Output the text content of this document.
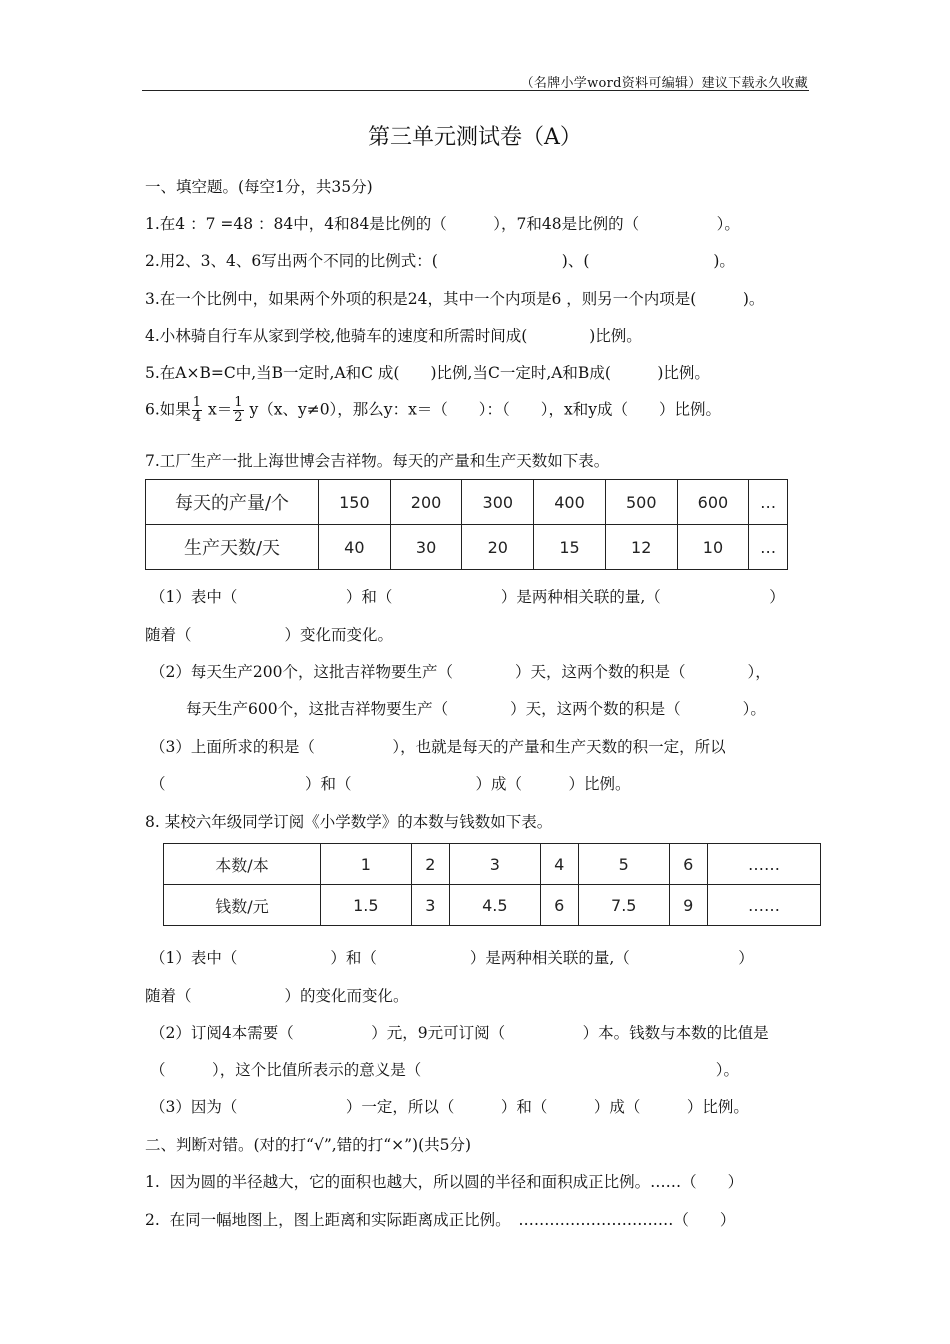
（名牌小学word资料可编辑）建议下载永久收藏
第三单元测试卷（A）
一、填空题。(每空1分，共35分)
1.在4 ：7 =48 ：84中，4和84是比例的（　　　），7和48是比例的（　　　　　）。
2.用2、3、4、6写出两个不同的比例式：(　　　　　　　　)、(　　　　　　　　)。
3.在一个比例中，如果两个外项的积是24，其中一个内项是6 ，则另一个内项是(　　　)。
4.小林骑自行车从家到学校,他骑车的速度和所需时间成(　　　　)比例。
5.在A×B=C中,当B一定时,A和C 成(　　)比例,当C一定时,A和B成(　　　)比例。
6.如果 $\frac{1}{4} x= \frac{1}{2} y(x$、y≠0），那么y：x＝（　　）：（　　），x和y成（　　）比例。
7.工厂生产一批上海世博会吉祥物。每天的产量和生产天数如下表。
每天的产量/个	150	200	300	400	500	600	…
生产天数/天	40	30	20	15	12	10	…
（1）表中（　　　　　　　）和（　　　　　　　）是两种相关联的量,（　　　　　　　）
随着（　　　　　　）变化而变化。
（2）每天生产200个，这批吉祥物要生产（　　　　）天，这两个数的积是（　　　　），
每天生产600个，这批吉祥物要生产（　　　　）天，这两个数的积是（　　　　）。
（3）上面所求的积是（　　　　　），也就是每天的产量和生产天数的积一定，所以
（　　　　　　　　　）和（　　　　　　　　）成（　　　）比例。
8. 某校六年级同学订阅《小学数学》的本数与钱数如下表。
本数/本	1	2	3	4	5	6	……
钱数/元	1.5	3	4.5	6	7.5	9	……
（1）表中（　　　　　　）和（　　　　　　）是两种相关联的量,（　　　　　　　）
随着（　　　　　　）的变化而变化。
（2）订阅4本需要（　　　　　）元，9元可订阅（　　　　　）本。钱数与本数的比值是
（　　　），这个比值所表示的意义是（　　　　　　　　　　　　　　　　　　　）。
（3）因为（　　　　　　　）一定，所以（　　　）和（　　　）成（　　　）比例。
二、判断对错。(对的打“√”,错的打“×”)(共5分)
1.  因为圆的半径越大，它的面积也越大，所以圆的半径和面积成正比例。……（　　）
2.  在同一幅地图上，图上距离和实际距离成正比例。　…………………………（　　）
